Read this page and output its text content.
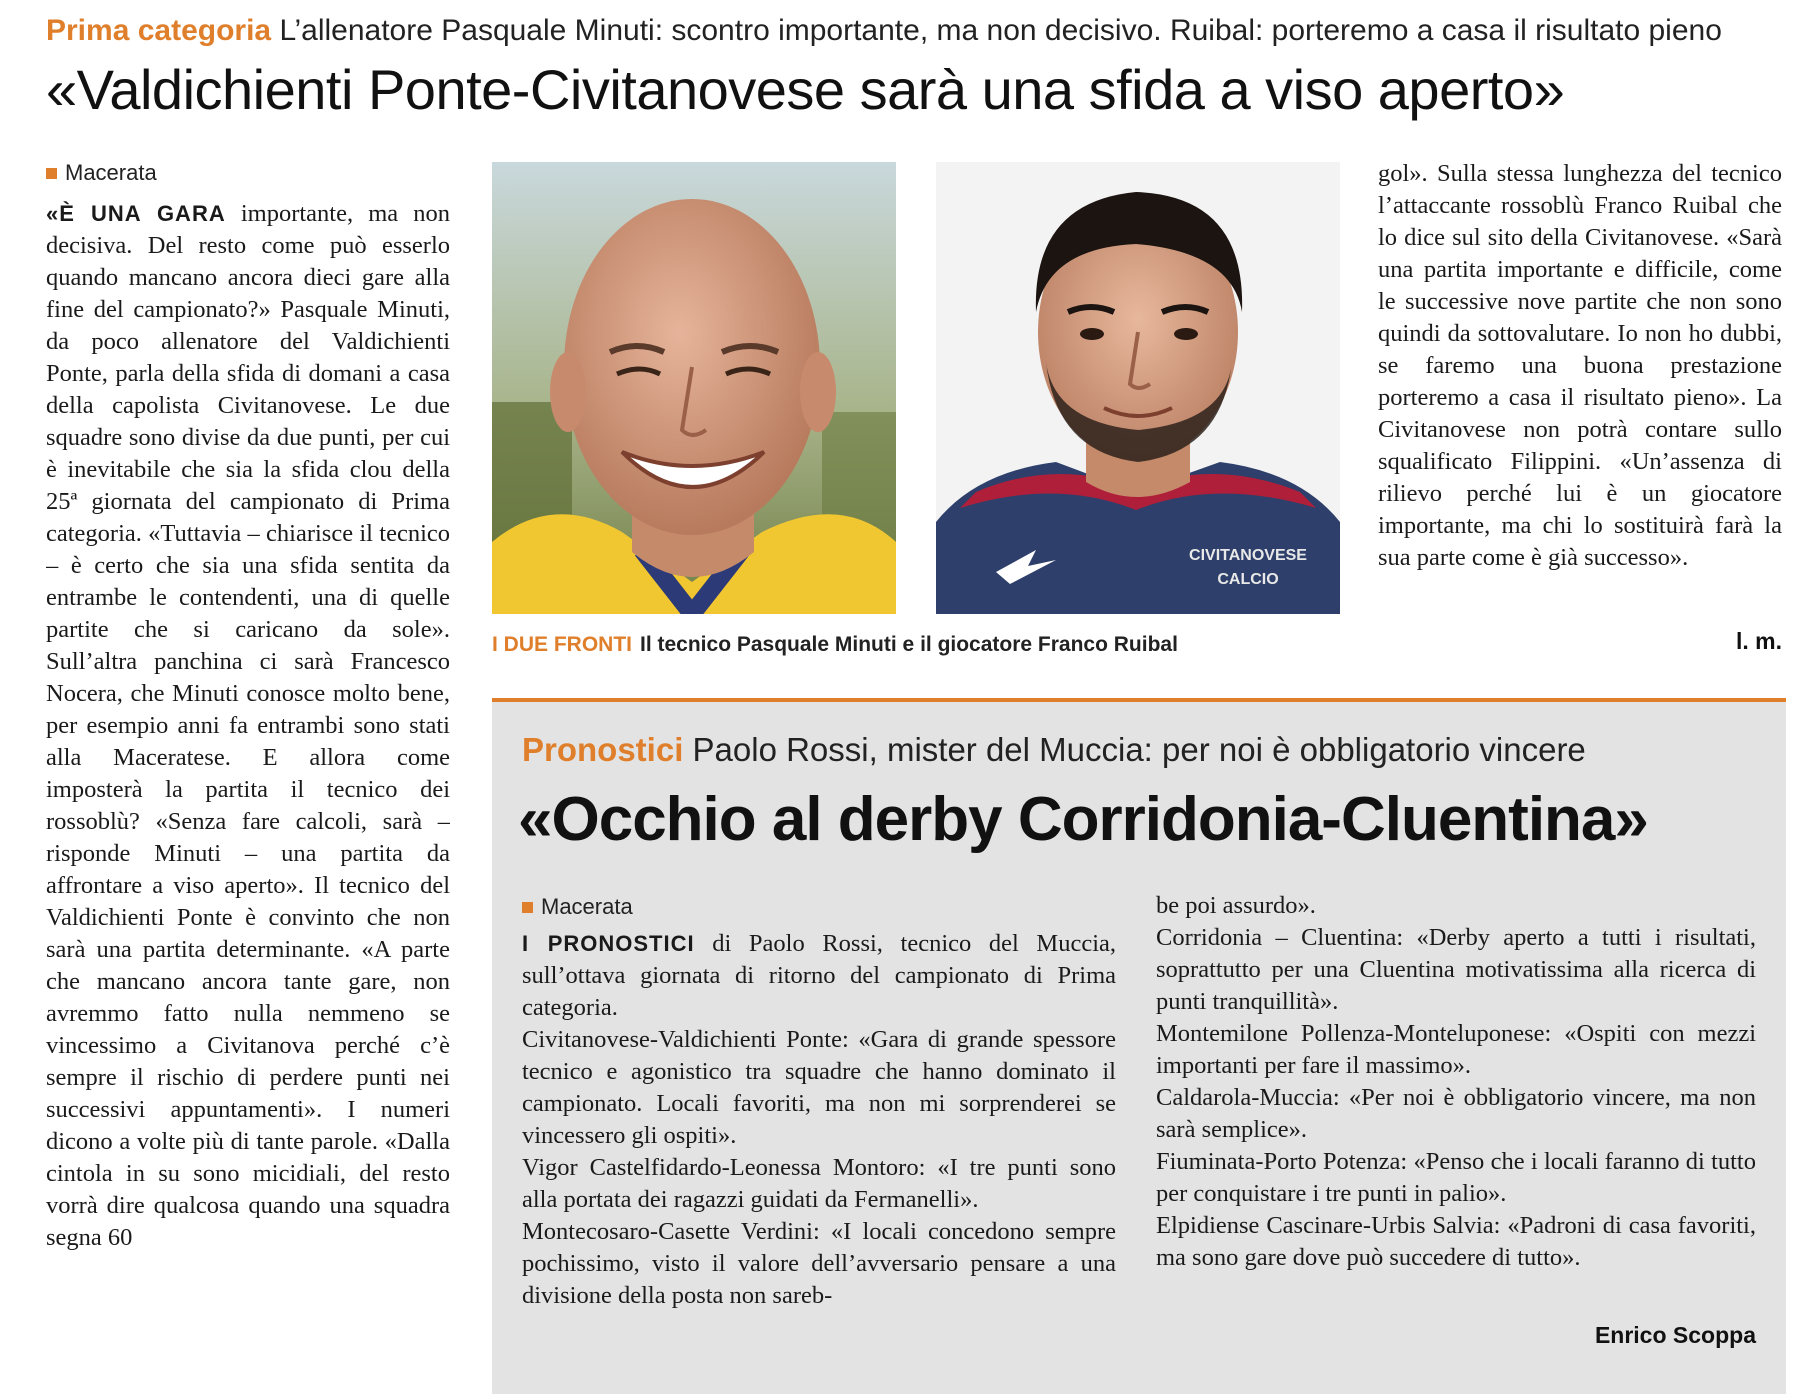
Prima categoria L’allenatore Pasquale Minuti: scontro importante, ma non decisivo. Ruibal: porteremo a casa il risultato pieno
«Valdichienti Ponte-Civitanovese sarà una sfida a viso aperto»
Macerata

«È UNA GARA importante, ma non decisiva. Del resto come può esserlo quando mancano ancora dieci gare alla fine del campionato?» Pasquale Minuti, da poco allenatore del Valdichienti Ponte, parla della sfida di domani a casa della capolista Civitanovese. Le due squadre sono divise da due punti, per cui è inevitabile che sia la sfida clou della 25ª giornata del campionato di Prima categoria. «Tuttavia – chiarisce il tecnico – è certo che sia una sfida sentita da entrambe le contendenti, una di quelle partite che si caricano da sole». Sull’altra panchina ci sarà Francesco Nocera, che Minuti conosce molto bene, per esempio anni fa entrambi sono stati alla Maceratese. E allora come imposterà la partita il tecnico dei rossoblù? «Senza fare calcoli, sarà – risponde Minuti – una partita da affrontare a viso aperto». Il tecnico del Valdichienti Ponte è convinto che non sarà una partita determinante. «A parte che mancano ancora tante gare, non avremmo fatto nulla nemmeno se vincessimo a Civitanova perché c’è sempre il rischio di perdere punti nei successivi appuntamenti». I numeri dicono a volte più di tante parole. «Dalla cintola in su sono micidiali, del resto vorrà dire qualcosa quando una squadra segna 60

CIVITANOVESE
CALCIO
I DUE FRONTI Il tecnico Pasquale Minuti e il giocatore Franco Ruibal

gol». Sulla stessa lunghezza del tecnico l’attaccante rossoblù Franco Ruibal che lo dice sul sito della Civitanovese. «Sarà una partita importante e difficile, come le successive nove partite che non sono quindi da sottovalutare. Io non ho dubbi, se faremo una buona prestazione porteremo a casa il risultato pieno». La Civitanovese non potrà contare sullo squalificato Filippini. «Un’assenza di rilievo perché lui è un giocatore importante, ma chi lo sostituirà farà la sua parte come è già successo».

l. m.
Pronostici Paolo Rossi, mister del Muccia: per noi è obbligatorio vincere
«Occhio al derby Corridonia-Cluentina»
Macerata

I PRONOSTICI di Paolo Rossi, tecnico del Muccia, sull’ottava giornata di ritorno del campionato di Prima categoria.

Civitanovese-Valdichienti Ponte: «Gara di grande spessore tecnico e agonistico tra squadre che hanno dominato il campionato. Locali favoriti, ma non mi sorprenderei se vincessero gli ospiti».

Vigor Castelfidardo-Leonessa Montoro: «I tre punti sono alla portata dei ragazzi guidati da Fermanelli».

Montecosaro-Casette Verdini: «I locali concedono sempre pochissimo, visto il valore dell’avversario pensare a una divisione della posta non sareb-

be poi assurdo».

Corridonia – Cluentina: «Derby aperto a tutti i risultati, soprattutto per una Cluentina motivatissima alla ricerca di punti tranquillità».

Montemilone Pollenza-Monteluponese: «Ospiti con mezzi importanti per fare il massimo».

Caldarola-Muccia: «Per noi è obbligatorio vincere, ma non sarà semplice».

Fiuminata-Porto Potenza: «Penso che i locali faranno di tutto per conquistare i tre punti in palio».

Elpidiense Cascinare-Urbis Salvia: «Padroni di casa favoriti, ma sono gare dove può succedere di tutto».

Enrico Scoppa
